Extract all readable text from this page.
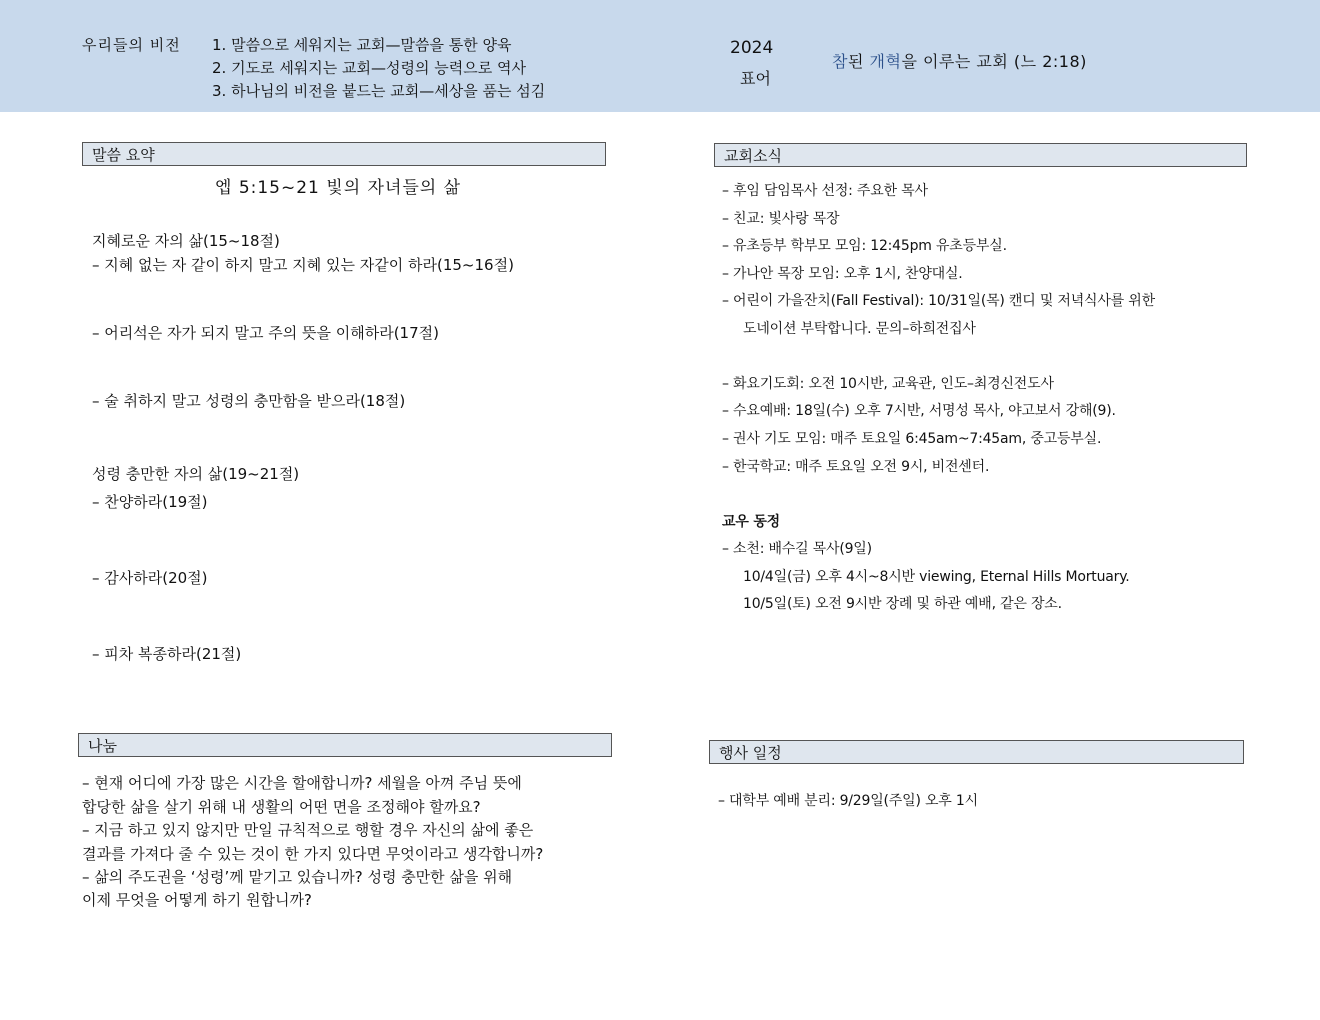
우리들의 비전 1. 말씀으로 세워지는 교회—말씀을 통한 양육
2. 기도로 세워지는 교회—성령의 능력으로 역사
3. 하나님의 비전을 붙드는 교회—세상을 품는 섬김
2024
표어
참된 개혁을 이루는 교회 (느 2:18)
말씀 요약
엡 5:15~21 빛의 자녀들의 삶
지혜로운 자의 삶(15~18절)
– 지혜 없는 자 같이 하지 말고 지혜 있는 자같이 하라(15~16절)
– 어리석은 자가 되지 말고 주의 뜻을 이해하라(17절)
– 술 취하지 말고 성령의 충만함을 받으라(18절)
성령 충만한 자의 삶(19~21절)
– 찬양하라(19절)
– 감사하라(20절)
– 피차 복종하라(21절)
나눔
– 현재 어디에 가장 많은 시간을 할애합니까? 세월을 아껴 주님 뜻에
합당한 삶을 살기 위해 내 생활의 어떤 면을 조정해야 할까요?
– 지금 하고 있지 않지만 만일 규칙적으로 행할 경우 자신의 삶에 좋은
결과를 가져다 줄 수 있는 것이 한 가지 있다면 무엇이라고 생각합니까?
– 삶의 주도권을 ‘성령’께 맡기고 있습니까? 성령 충만한 삶을 위해
이제 무엇을 어떻게 하기 원합니까?
교회소식
– 후임 담임목사 선정: 주요한 목사
– 친교: 빛사랑 목장
– 유초등부 학부모 모임: 12:45pm 유초등부실.
– 가나안 목장 모임: 오후 1시, 찬양대실.
– 어린이 가을잔치(Fall Festival): 10/31일(목) 캔디 및 저녁식사를 위한
도네이션 부탁합니다. 문의–하희전집사
– 화요기도회: 오전 10시반, 교육관, 인도–최경신전도사
– 수요예배: 18일(수) 오후 7시반, 서명성 목사, 야고보서 강해(9).
– 권사 기도 모임: 매주 토요일 6:45am~7:45am, 중고등부실.
– 한국학교: 매주 토요일 오전 9시, 비전센터.
교우 동정
– 소천: 배수길 목사(9일)
10/4일(금) 오후 4시~8시반 viewing, Eternal Hills Mortuary.
10/5일(토) 오전 9시반 장례 및 하관 예배, 같은 장소.
행사 일정
– 대학부 예배 분리: 9/29일(주일) 오후 1시
